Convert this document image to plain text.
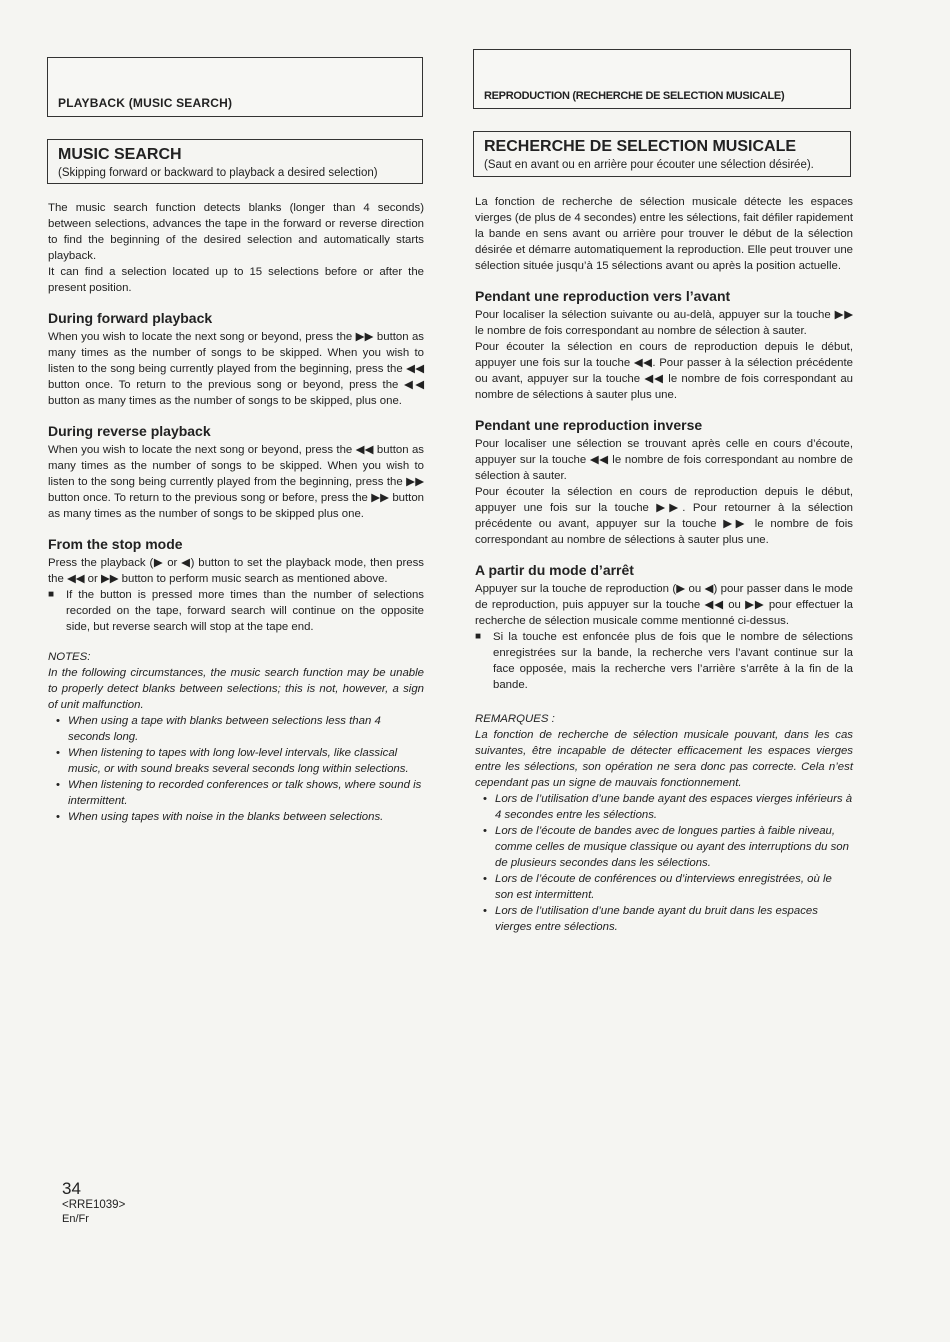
PLAYBACK (MUSIC SEARCH)
MUSIC SEARCH
(Skipping forward or backward to playback a desired selection)

The music search function detects blanks (longer than 4 seconds) between selections, advances the tape in the forward or reverse direction to find the beginning of the desired selection and automatically starts playback.

It can find a selection located up to 15 selections before or after the present position.

During forward playback

When you wish to locate the next song or beyond, press the ▶▶ button as many times as the number of songs to be skipped. When you wish to listen to the song being currently played from the beginning, press the ◀◀ button once. To return to the previous song or beyond, press the ◀◀ button as many times as the number of songs to be skipped, plus one.

During reverse playback

When you wish to locate the next song or beyond, press the ◀◀ button as many times as the number of songs to be skipped. When you wish to listen to the song being currently played from the beginning, press the ▶▶ button once. To return to the previous song or before, press the ▶▶ button as many times as the number of songs to be skipped plus one.

From the stop mode

Press the playback (▶ or ◀) button to set the playback mode, then press the ◀◀ or ▶▶ button to perform music search as mentioned above.

■	If the button is pressed more times than the number of selections recorded on the tape, forward search will continue on the opposite side, but reverse search will stop at the tape end.

NOTES:

In the following circumstances, the music search function may be unable to properly detect blanks between selections; this is not, however, a sign of unit malfunction.

• When using a tape with blanks between selections less than 4 seconds long.
• When listening to tapes with long low-level intervals, like classical music, or with sound breaks several seconds long within selections.
• When listening to recorded conferences or talk shows, where sound is intermittent.
• When using tapes with noise in the blanks between selections.
REPRODUCTION (RECHERCHE DE SELECTION MUSICALE)
RECHERCHE DE SELECTION MUSICALE
(Saut en avant ou en arrière pour écouter une sélection désirée).

La fonction de recherche de sélection musicale détecte les espaces vierges (de plus de 4 secondes) entre les sélections, fait défiler rapidement la bande en sens avant ou arrière pour trouver le début de la sélection désirée et démarre automatiquement la reproduction. Elle peut trouver une sélection située jusqu’à 15 sélections avant ou après la position actuelle.

Pendant une reproduction vers l’avant

Pour localiser la sélection suivante ou au-delà, appuyer sur la touche ▶▶ le nombre de fois correspondant au nombre de sélection à sauter.

Pour écouter la sélection en cours de reproduction depuis le début, appuyer une fois sur la touche ◀◀. Pour passer à la sélection précédente ou avant, appuyer sur la touche ◀◀ le nombre de fois correspondant au nombre de sélections à sauter plus une.

Pendant une reproduction inverse

Pour localiser une sélection se trouvant après celle en cours d’écoute, appuyer sur la touche ◀◀ le nombre de fois correspondant au nombre de sélection à sauter.

Pour écouter la sélection en cours de reproduction depuis le début, appuyer une fois sur la touche ▶▶. Pour retourner à la sélection précédente ou avant, appuyer sur la touche ▶▶ le nombre de fois correspondant au nombre de sélections à sauter plus une.

A partir du mode d’arrêt

Appuyer sur la touche de reproduction (▶ ou ◀) pour passer dans le mode de reproduction, puis appuyer sur la touche ◀◀ ou ▶▶ pour effectuer la recherche de sélection musicale comme mentionné ci-dessus.

■	Si la touche est enfoncée plus de fois que le nombre de sélections enregistrées sur la bande, la recherche vers l’avant continue sur la face opposée, mais la recherche vers l’arrière s’arrête à la fin de la bande.

REMARQUES :

La fonction de recherche de sélection musicale pouvant, dans les cas suivantes, être incapable de détecter efficacement les espaces vierges entre les sélections, son opération ne sera donc pas correcte. Cela n’est cependant pas un signe de mauvais fonctionnement.

• Lors de l’utilisation d’une bande ayant des espaces vierges inférieurs à 4 secondes entre les sélections.
• Lors de l’écoute de bandes avec de longues parties à faible niveau, comme celles de musique classique ou ayant des interruptions du son de plusieurs secondes dans les sélections.
• Lors de l’écoute de conférences ou d’interviews enregistrées, où le son est intermittent.
• Lors de l’utilisation d’une bande ayant du bruit dans les espaces vierges entre sélections.
34
<RRE1039>
En/Fr
